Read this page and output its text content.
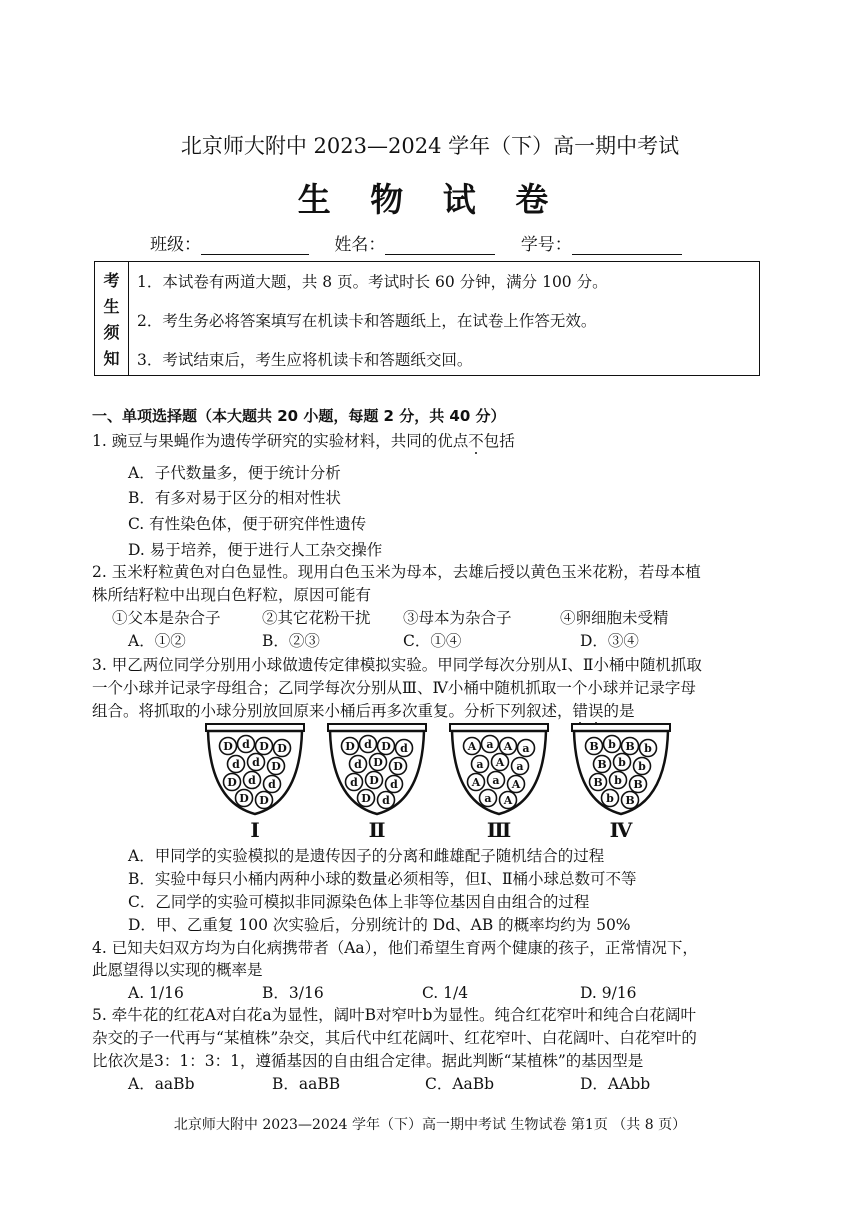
北京师大附中 2023—2024 学年（下）高一期中考试
生 物 试 卷
班级：	姓名：	学号：
考
生
须
知
1．本试卷有两道大题，共 8 页。考试时长 60 分钟，满分 100 分。
2．考生务必将答案填写在机读卡和答题纸上，在试卷上作答无效。
3．考试结束后，考生应将机读卡和答题纸交回。
一、单项选择题（本大题共 20 小题，每题 2 分，共 40 分）
1. 豌豆与果蝇作为遗传学研究的实验材料，共同的优点不包括
A．子代数量多，便于统计分析
B．有多对易于区分的相对性状
C. 有性染色体，便于研究伴性遗传
D. 易于培养，便于进行人工杂交操作
2. 玉米籽粒黄色对白色显性。现用白色玉米为母本，去雄后授以黄色玉米花粉，若母本植
株所结籽粒中出现白色籽粒，原因可能有
①父本是杂合子	②其它花粉干扰 ③母本为杂合子	④卵细胞未受精
A．①②	B．②③	C．①④	D．③④
3. 甲乙两位同学分别用小球做遗传定律模拟实验。甲同学每次分别从Ⅰ、Ⅱ小桶中随机抓取
一个小球并记录字母组合；乙同学每次分别从Ⅲ、Ⅳ小桶中随机抓取一个小球并记录字母
组合。将抓取的小球分别放回原来小桶后再多次重复。分析下列叙述，错误的是
D d D D
d d D
D d d
D D
Ⅰ
D d D d
d D D
d D d
D d
Ⅱ
A a A a
a A a
A a A
a A
Ⅲ
B b B b
B b b
B b B
b B
Ⅳ
A．甲同学的实验模拟的是遗传因子的分离和雌雄配子随机结合的过程
B．实验中每只小桶内两种小球的数量必须相等，但Ⅰ、Ⅱ桶小球总数可不等
C．乙同学的实验可模拟非同源染色体上非等位基因自由组合的过程
D．甲、乙重复 100 次实验后，分别统计的 Dd、AB 的概率均约为 50%
4. 已知夫妇双方均为白化病携带者（Aa），他们希望生育两个健康的孩子，正常情况下，
此愿望得以实现的概率是
A. 1/16	B．3/16	C. 1/4	D. 9/16
5. 牵牛花的红花A对白花a为显性，阔叶B对窄叶b为显性。纯合红花窄叶和纯合白花阔叶
杂交的子一代再与“某植株”杂交，其后代中红花阔叶、红花窄叶、白花阔叶、白花窄叶的
比依次是3：1：3：1，遵循基因的自由组合定律。据此判断“某植株”的基因型是
A．aaBb	B．aaBB	C．AaBb	D．AAbb
北京师大附中 2023—2024 学年（下）高一期中考试 生物试卷 第1页 （共 8 页）
